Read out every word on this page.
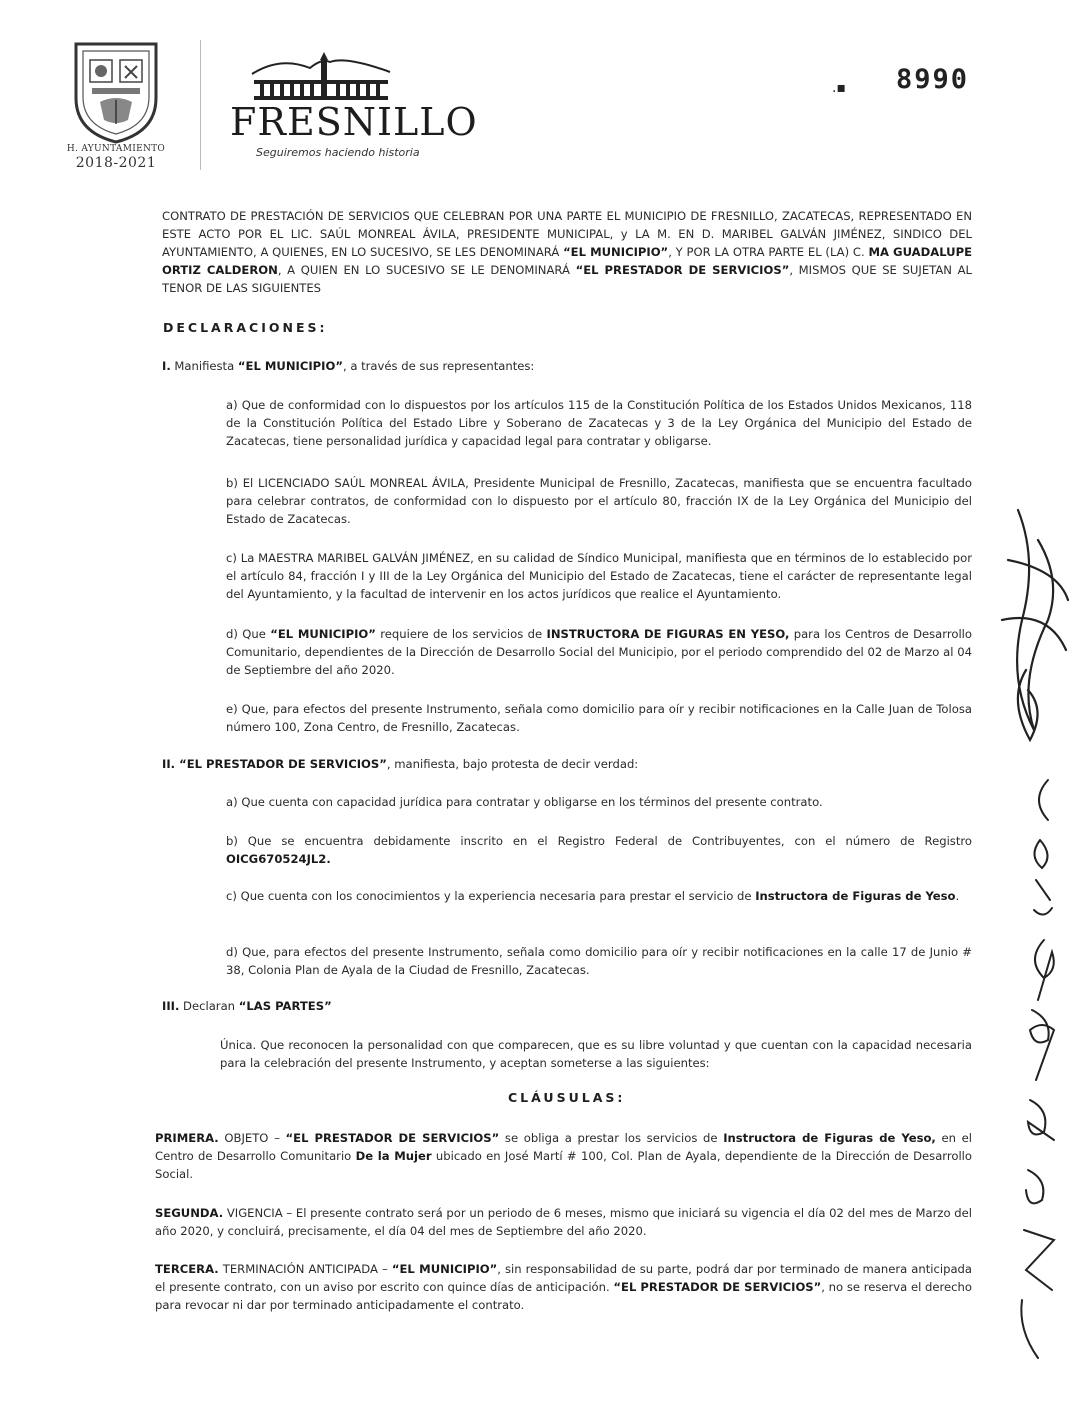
H. AYUNTAMIENTO
2018-2021
FRESNILLO
Seguiremos haciendo historia
.▪ 8990

CONTRATO DE PRESTACIÓN DE SERVICIOS QUE CELEBRAN POR UNA PARTE EL MUNICIPIO DE FRESNILLO, ZACATECAS, REPRESENTADO EN ESTE ACTO POR EL LIC. SAÚL MONREAL ÁVILA, PRESIDENTE MUNICIPAL, y LA M. EN D. MARIBEL GALVÁN JIMÉNEZ, SINDICO DEL AYUNTAMIENTO, A QUIENES, EN LO SUCESIVO, SE LES DENOMINARÁ “EL MUNICIPIO”, Y POR LA OTRA PARTE EL (LA) C. MA GUADALUPE ORTIZ CALDERON, A QUIEN EN LO SUCESIVO SE LE DENOMINARÁ “EL PRESTADOR DE SERVICIOS”, MISMOS QUE SE SUJETAN AL TENOR DE LAS SIGUIENTES

DECLARACIONES:

I. Manifiesta “EL MUNICIPIO”, a través de sus representantes:

a) Que de conformidad con lo dispuestos por los artículos 115 de la Constitución Política de los Estados Unidos Mexicanos, 118 de la Constitución Política del Estado Libre y Soberano de Zacatecas y 3 de la Ley Orgánica del Municipio del Estado de Zacatecas, tiene personalidad jurídica y capacidad legal para contratar y obligarse.

b) El LICENCIADO SAÚL MONREAL ÁVILA, Presidente Municipal de Fresnillo, Zacatecas, manifiesta que se encuentra facultado para celebrar contratos, de conformidad con lo dispuesto por el artículo 80, fracción IX de la Ley Orgánica del Municipio del Estado de Zacatecas.

c) La MAESTRA MARIBEL GALVÁN JIMÉNEZ, en su calidad de Síndico Municipal, manifiesta que en términos de lo establecido por el artículo 84, fracción I y III de la Ley Orgánica del Municipio del Estado de Zacatecas, tiene el carácter de representante legal del Ayuntamiento, y la facultad de intervenir en los actos jurídicos que realice el Ayuntamiento.

d) Que “EL MUNICIPIO” requiere de los servicios de INSTRUCTORA DE FIGURAS EN YESO, para los Centros de Desarrollo Comunitario, dependientes de la Dirección de Desarrollo Social del Municipio, por el periodo comprendido del 02 de Marzo al 04 de Septiembre del año 2020.

e) Que, para efectos del presente Instrumento, señala como domicilio para oír y recibir notificaciones en la Calle Juan de Tolosa número 100, Zona Centro, de Fresnillo, Zacatecas.

II. “EL PRESTADOR DE SERVICIOS”, manifiesta, bajo protesta de decir verdad:

a) Que cuenta con capacidad jurídica para contratar y obligarse en los términos del presente contrato.

b) Que se encuentra debidamente inscrito en el Registro Federal de Contribuyentes, con el número de Registro OICG670524JL2.

c) Que cuenta con los conocimientos y la experiencia necesaria para prestar el servicio de Instructora de Figuras de Yeso.

d) Que, para efectos del presente Instrumento, señala como domicilio para oír y recibir notificaciones en la calle 17 de Junio # 38, Colonia Plan de Ayala de la Ciudad de Fresnillo, Zacatecas.

III. Declaran “LAS PARTES”

Única. Que reconocen la personalidad con que comparecen, que es su libre voluntad y que cuentan con la capacidad necesaria para la celebración del presente Instrumento, y aceptan someterse a las siguientes:

CLÁUSULAS:

PRIMERA. OBJETO – “EL PRESTADOR DE SERVICIOS” se obliga a prestar los servicios de Instructora de Figuras de Yeso, en el Centro de Desarrollo Comunitario De la Mujer ubicado en José Martí # 100, Col. Plan de Ayala, dependiente de la Dirección de Desarrollo Social.

SEGUNDA. VIGENCIA – El presente contrato será por un periodo de 6 meses, mismo que iniciará su vigencia el día 02 del mes de Marzo del año 2020, y concluirá, precisamente, el día 04 del mes de Septiembre del año 2020.

TERCERA. TERMINACIÓN ANTICIPADA – “EL MUNICIPIO”, sin responsabilidad de su parte, podrá dar por terminado de manera anticipada el presente contrato, con un aviso por escrito con quince días de anticipación. “EL PRESTADOR DE SERVICIOS”, no se reserva el derecho para revocar ni dar por terminado anticipadamente el contrato.
